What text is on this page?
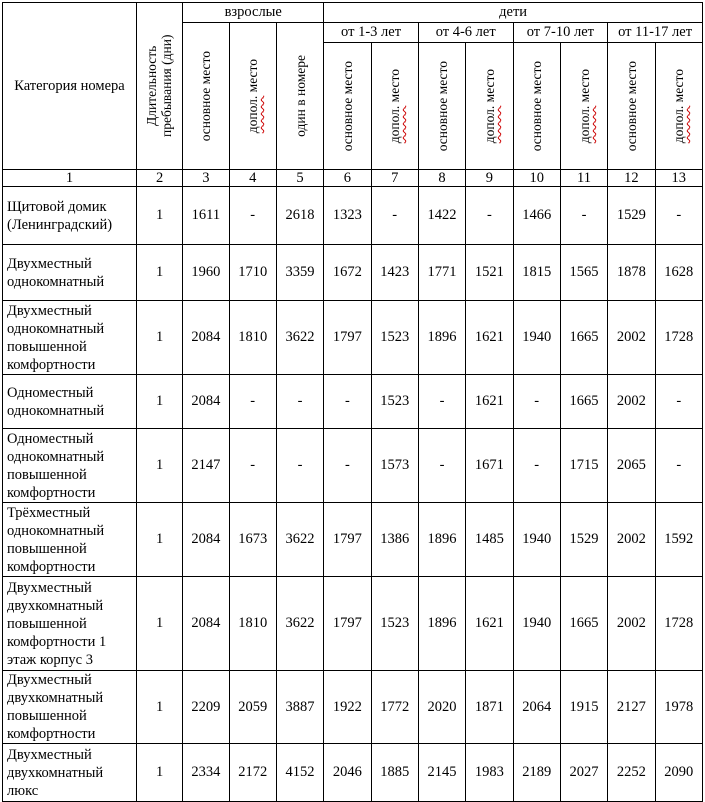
Категория номера	Длительность пребывания (дни)	взрослые			дети							

		основное место	допол. место	один в номере	от 1-3 лет		от 4-6 лет		от 7-10 лет		от 11-17 лет	

					основное место	допол. место	основное место	допол. место	основное место	допол. место	основное место	допол. место

1	2	3	4	5	6	7	8	9	10	11	12	13
Щитовой домик (Ленинградский)	1	1611	-	2618	1323	-	1422	-	1466	-	1529	-
Двухместный однокомнатный	1	1960	1710	3359	1672	1423	1771	1521	1815	1565	1878	1628
Двухместный однокомнатный повышенной комфортности	1	2084	1810	3622	1797	1523	1896	1621	1940	1665	2002	1728
Одноместный однокомнатный	1	2084	-	-	-	1523	-	1621	-	1665	2002	-
Одноместный однокомнатный повышенной комфортности	1	2147	-	-	-	1573	-	1671	-	1715	2065	-
Трёхместный однокомнатный повышенной комфортности	1	2084	1673	3622	1797	1386	1896	1485	1940	1529	2002	1592
Двухместный двухкомнатный повышенной комфортности 1 этаж корпус 3	1	2084	1810	3622	1797	1523	1896	1621	1940	1665	2002	1728
Двухместный двухкомнатный повышенной комфортности	1	2209	2059	3887	1922	1772	2020	1871	2064	1915	2127	1978
Двухместный двухкомнатный люкс	1	2334	2172	4152	2046	1885	2145	1983	2189	2027	2252	2090
